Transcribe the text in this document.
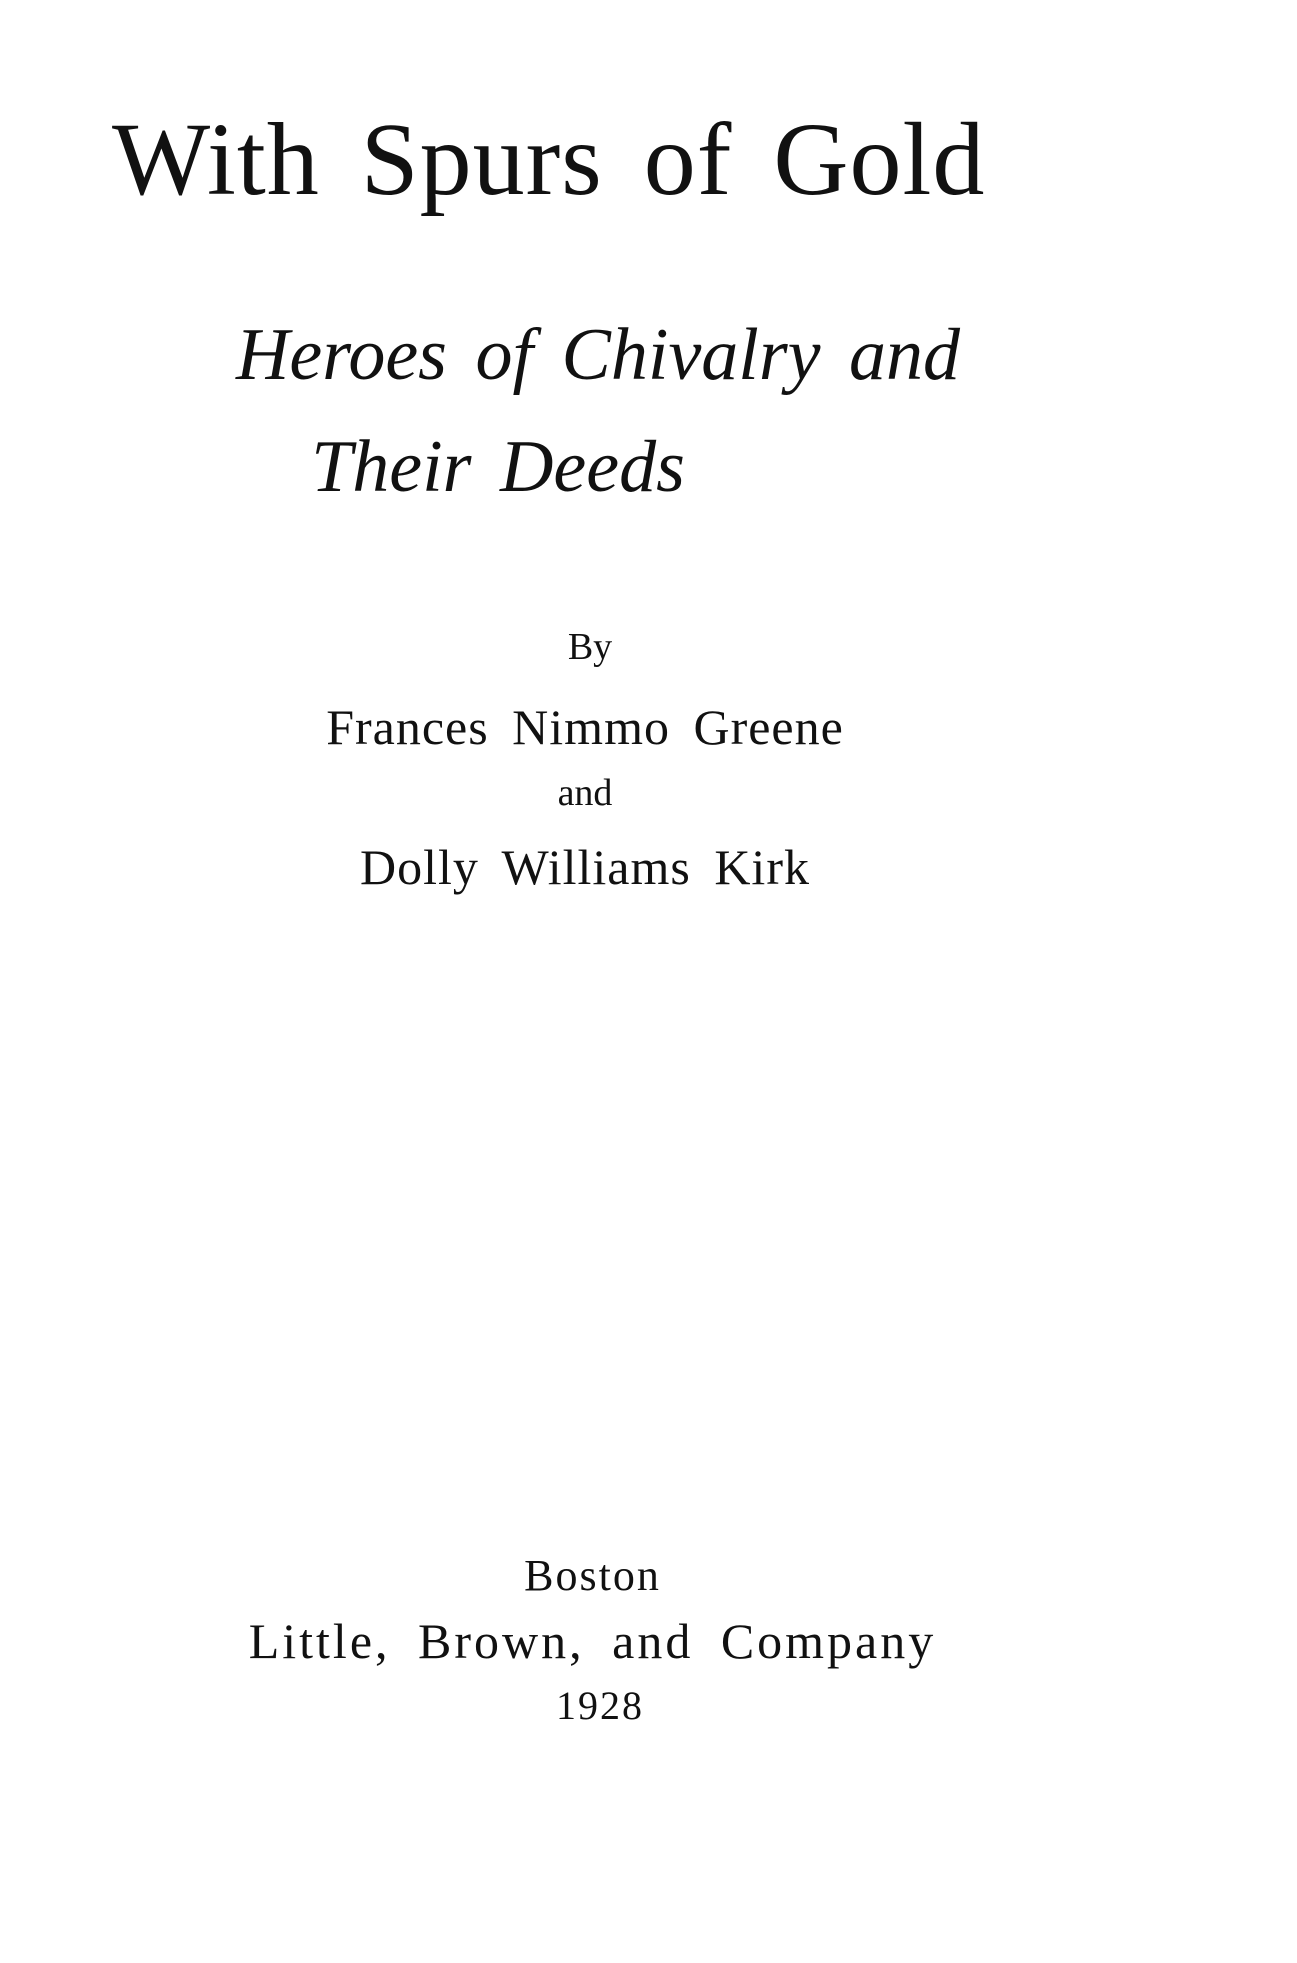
With Spurs of Gold
Heroes of Chivalry and
Their Deeds
By
Frances Nimmo Greene
and
Dolly Williams Kirk
Boston
Little, Brown, and Company
1928
